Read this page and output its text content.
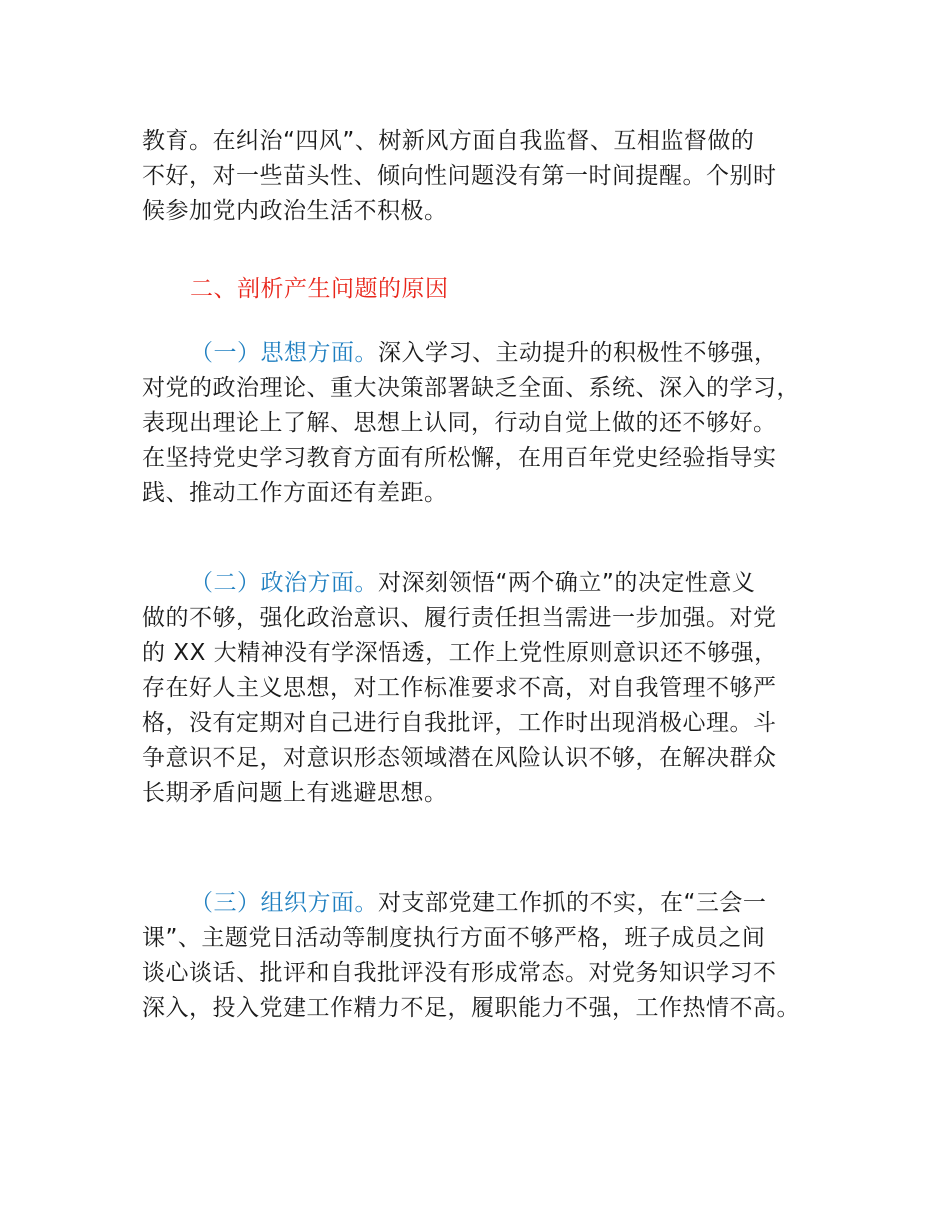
教育。在纠治“四风”、树新风方面自我监督、互相监督做的
不好，对一些苗头性、倾向性问题没有第一时间提醒。个别时
候参加党内政治生活不积极。
二、剖析产生问题的原因
（一）思想方面。深入学习、主动提升的积极性不够强，
对党的政治理论、重大决策部署缺乏全面、系统、深入的学习，
表现出理论上了解、思想上认同，行动自觉上做的还不够好。
在坚持党史学习教育方面有所松懈，在用百年党史经验指导实
践、推动工作方面还有差距。
（二）政治方面。对深刻领悟“两个确立”的决定性意义
做的不够，强化政治意识、履行责任担当需进一步加强。对党
的 XX 大精神没有学深悟透，工作上党性原则意识还不够强，
存在好人主义思想，对工作标准要求不高，对自我管理不够严
格，没有定期对自己进行自我批评，工作时出现消极心理。斗
争意识不足，对意识形态领域潜在风险认识不够，在解决群众
长期矛盾问题上有逃避思想。
（三）组织方面。对支部党建工作抓的不实，在“三会一
课”、主题党日活动等制度执行方面不够严格，班子成员之间
谈心谈话、批评和自我批评没有形成常态。对党务知识学习不
深入，投入党建工作精力不足，履职能力不强，工作热情不高。
